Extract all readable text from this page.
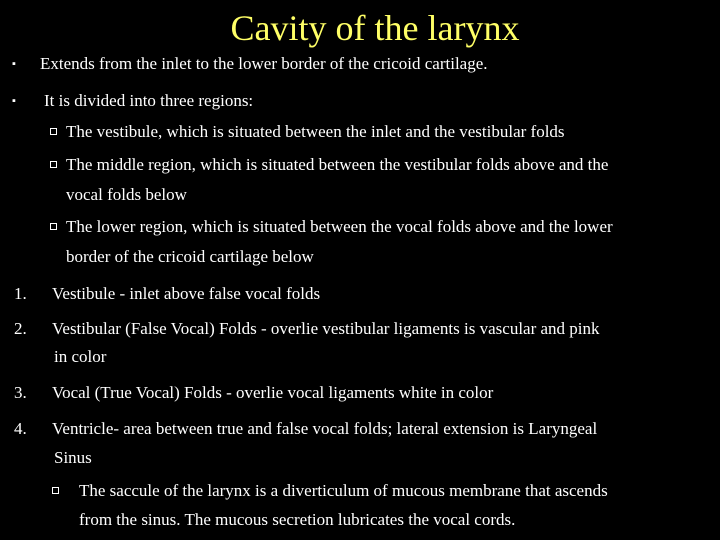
Cavity of the larynx
▪ Extends from the inlet to the lower border of the cricoid cartilage.
▪ It is divided into three regions:
The vestibule, which is situated between the inlet and the vestibular folds
The middle region, which is situated between the vestibular folds above and the
vocal folds below
The lower region, which is situated between the vocal folds above and the lower
border of the cricoid cartilage below
1. Vestibule - inlet above false vocal folds
2. Vestibular (False Vocal) Folds - overlie vestibular ligaments is vascular and pink
in color
3. Vocal (True Vocal) Folds - overlie vocal ligaments white in color
4. Ventricle- area between true and false vocal folds; lateral extension is Laryngeal
Sinus
The saccule of the larynx is a diverticulum of mucous membrane that ascends
from the sinus. The mucous secretion lubricates the vocal cords.
